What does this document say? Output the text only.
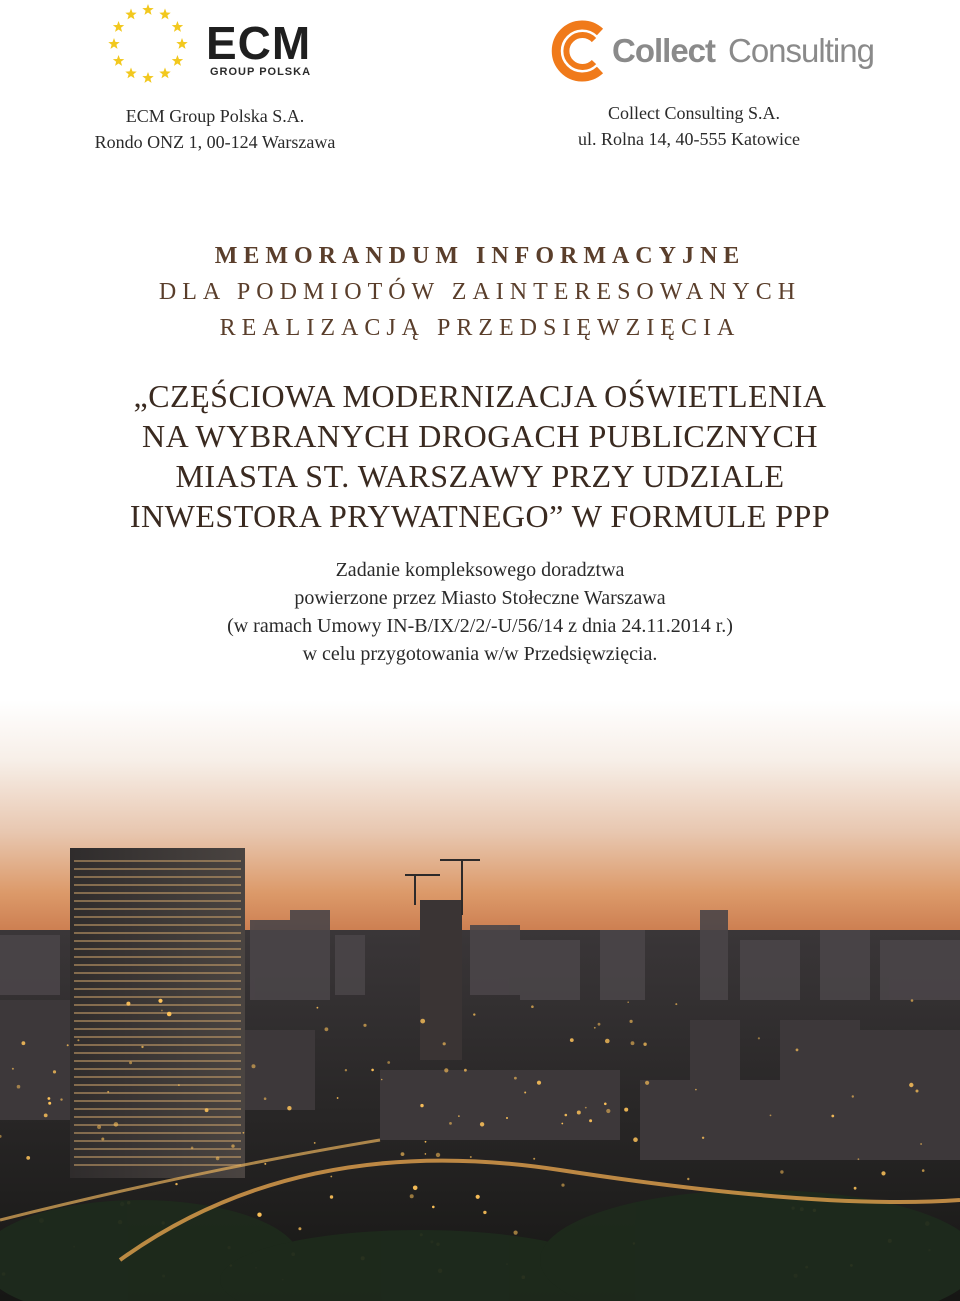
ECM
GROUP POLSKA
Collect Consulting
ECM Group Polska S.A.
Rondo ONZ 1, 00-124 Warszawa
Collect Consulting S.A.
ul. Rolna 14, 40-555 Katowice
MEMORANDUM INFORMACYJNE
DLA PODMIOTÓW ZAINTERESOWANYCH
REALIZACJĄ PRZEDSIĘWZIĘCIA
„CZĘŚCIOWA MODERNIZACJA OŚWIETLENIA
NA WYBRANYCH DROGACH PUBLICZNYCH
MIASTA ST. WARSZAWY PRZY UDZIALE
INWESTORA PRYWATNEGO” W FORMULE PPP
Zadanie kompleksowego doradztwa
powierzone przez Miasto Stołeczne Warszawa
(w ramach Umowy IN-B/IX/2/2/-U/56/14 z dnia 24.11.2014 r.)
w celu przygotowania w/w Przedsięwzięcia.
